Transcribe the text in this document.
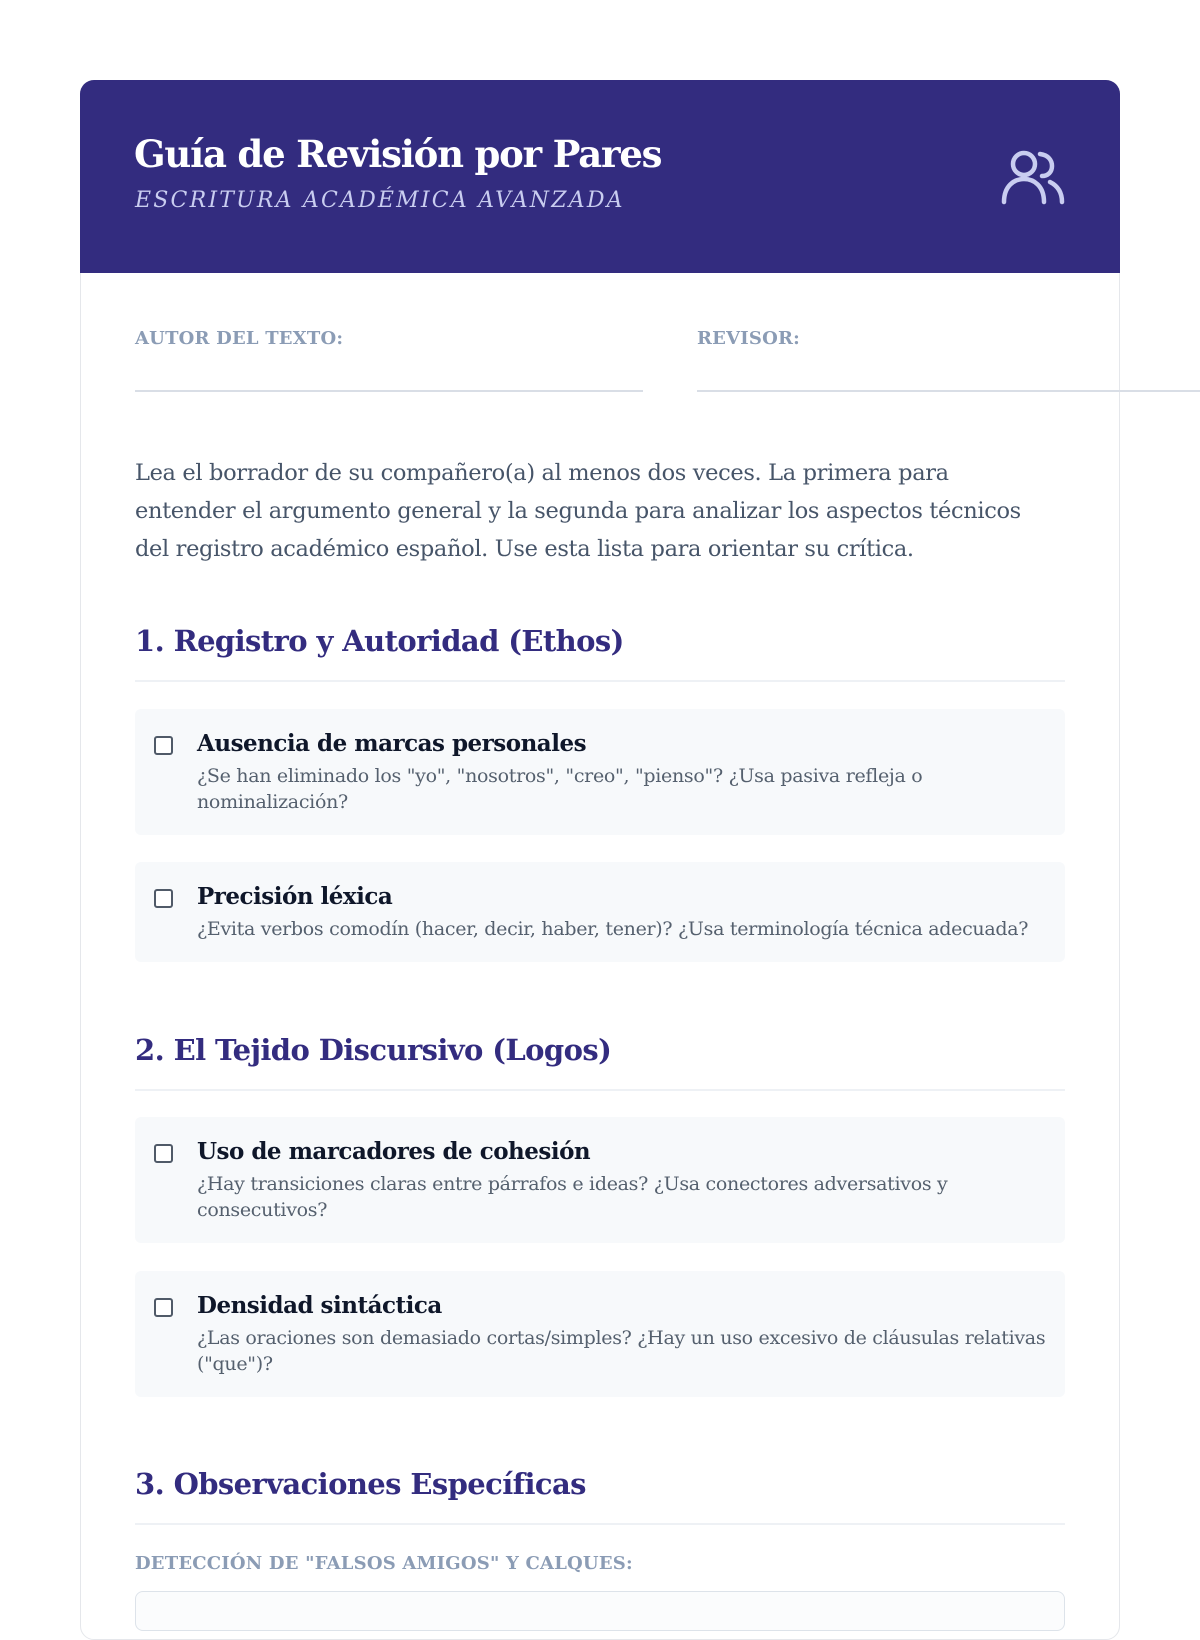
Guía de Revisión por Pares
ESCRITURA ACADÉMICA AVANZADA
AUTOR DEL TEXTO:	REVISOR:

Lea el borrador de su compañero(a) al menos dos veces. La primera para entender el argumento general y la segunda para analizar los aspectos técnicos del registro académico español. Use esta lista para orientar su crítica.

1. Registro y Autoridad (Ethos)
Ausencia de marcas personales

¿Se han eliminado los "yo", "nosotros", "creo", "pienso"? ¿Usa pasiva refleja o nominalización?

Precisión léxica

¿Evita verbos comodín (hacer, decir, haber, tener)? ¿Usa terminología técnica adecuada?

2. El Tejido Discursivo (Logos)
Uso de marcadores de cohesión

¿Hay transiciones claras entre párrafos e ideas? ¿Usa conectores adversativos y consecutivos?

Densidad sintáctica

¿Las oraciones son demasiado cortas/simples? ¿Hay un uso excesivo de cláusulas relativas ("que")?

3. Observaciones Específicas
DETECCIÓN DE "FALSOS AMIGOS" Y CALQUES:
